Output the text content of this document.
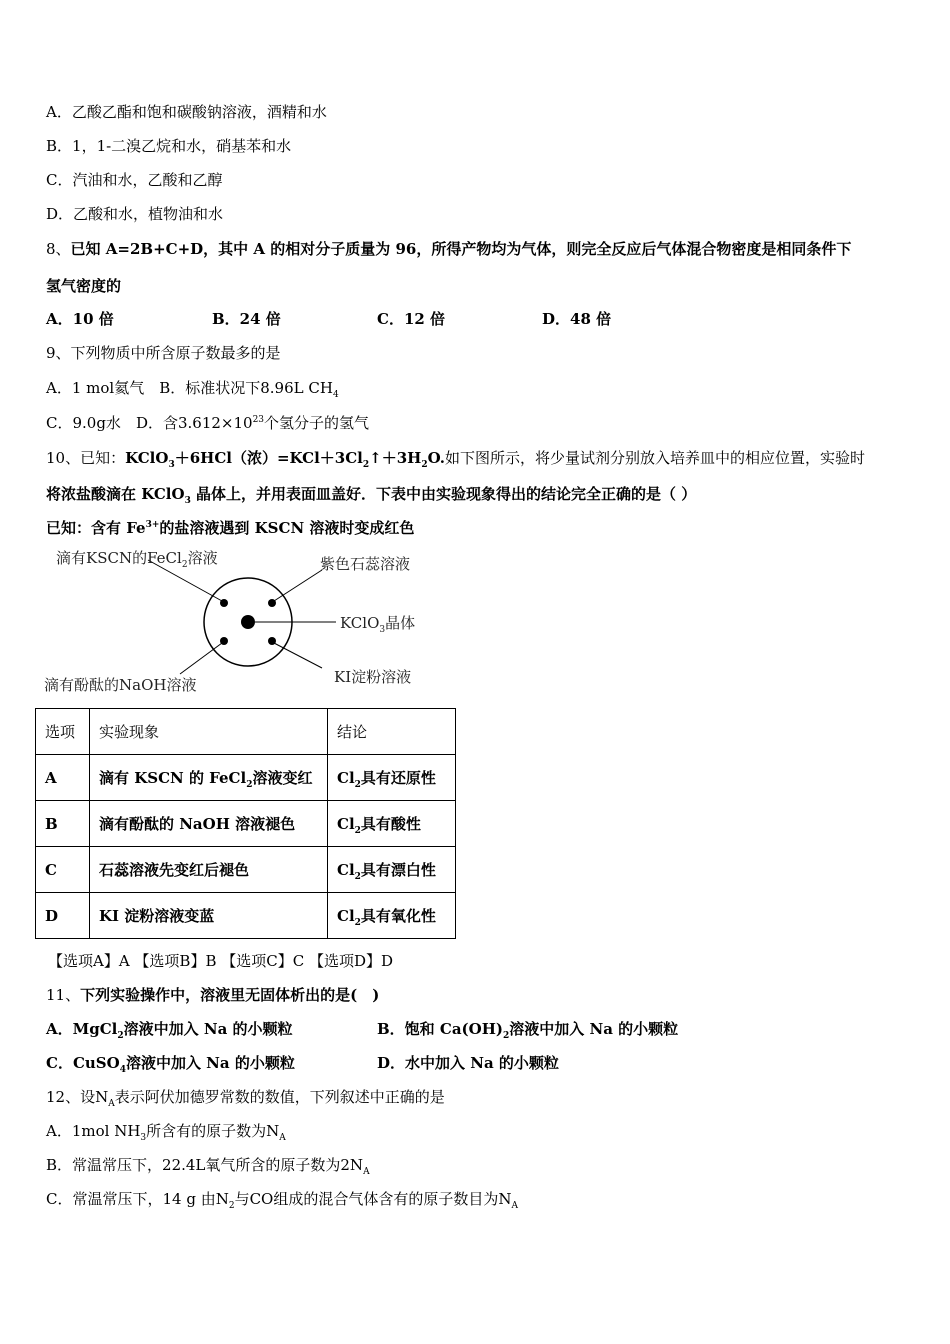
A．乙酸乙酯和饱和碳酸钠溶液，酒精和水
B．1，1-二溴乙烷和水，硝基苯和水
C．汽油和水，乙酸和乙醇
D．乙酸和水，植物油和水
8、已知 A=2B+C+D，其中 A 的相对分子质量为 96，所得产物均为气体，则完全反应后气体混合物密度是相同条件下
氢气密度的
A．10 倍	B．24 倍	C．12 倍	D．48 倍
9、下列物质中所含原子数最多的是
A．1 mol氦气　 B．标准状况下8.96L $CH_4$
C．9.0g水　 D．含$3.612\times 10^{23}$个氢分子的氢气
10、已知：KClO$_3$＋6HCl（浓）$=KCl+3Cl_2↑+3H_2O$.如下图所示，将少量试剂分别放入培养皿中的相应位置，实验时
将浓盐酸滴在 KClO$_3$ 晶体上，并用表面皿盖好．下表中由实验现象得出的结论完全正确的是（ ）
已知：含有 $Fe^{3+}$的盐溶液遇到 KSCN 溶液时变成红色
滴有KSCN的FeCl$_2$溶液	紫色石蕊溶液
KClO$_3$晶体
滴有酚酞的NaOH溶液	KI淀粉溶液
选项	实验现象	结论
A	滴有 KSCN 的 FeCl$_2$溶液变红	$Cl_2$具有还原性
B	滴有酚酞的 NaOH 溶液褪色	$Cl_2$具有酸性
C	石蕊溶液先变红后褪色	$Cl_2$具有漂白性
D	KI 淀粉溶液变蓝	$Cl_2$具有氧化性
【选项A】A 【选项B】B 【选项C】C 【选项D】D
11、下列实验操作中，溶液里无固体析出的是(　)
A．MgCl$_2$溶液中加入 Na 的小颗粒	B．饱和 $Ca(OH)_2$溶液中加入 Na 的小颗粒
C．CuSO$_4$溶液中加入 Na 的小颗粒	D．水中加入 Na 的小颗粒
12、设$N_A$表示阿伏加德罗常数的数值，下列叙述中正确的是
A．1mol $NH_3$所含有的原子数为$N_A$
B．常温常压下，22.4L氧气所含的原子数为$2N_A$
C．常温常压下，14 g 由$N_2$与CO组成的混合气体含有的原子数目为$N_A$
